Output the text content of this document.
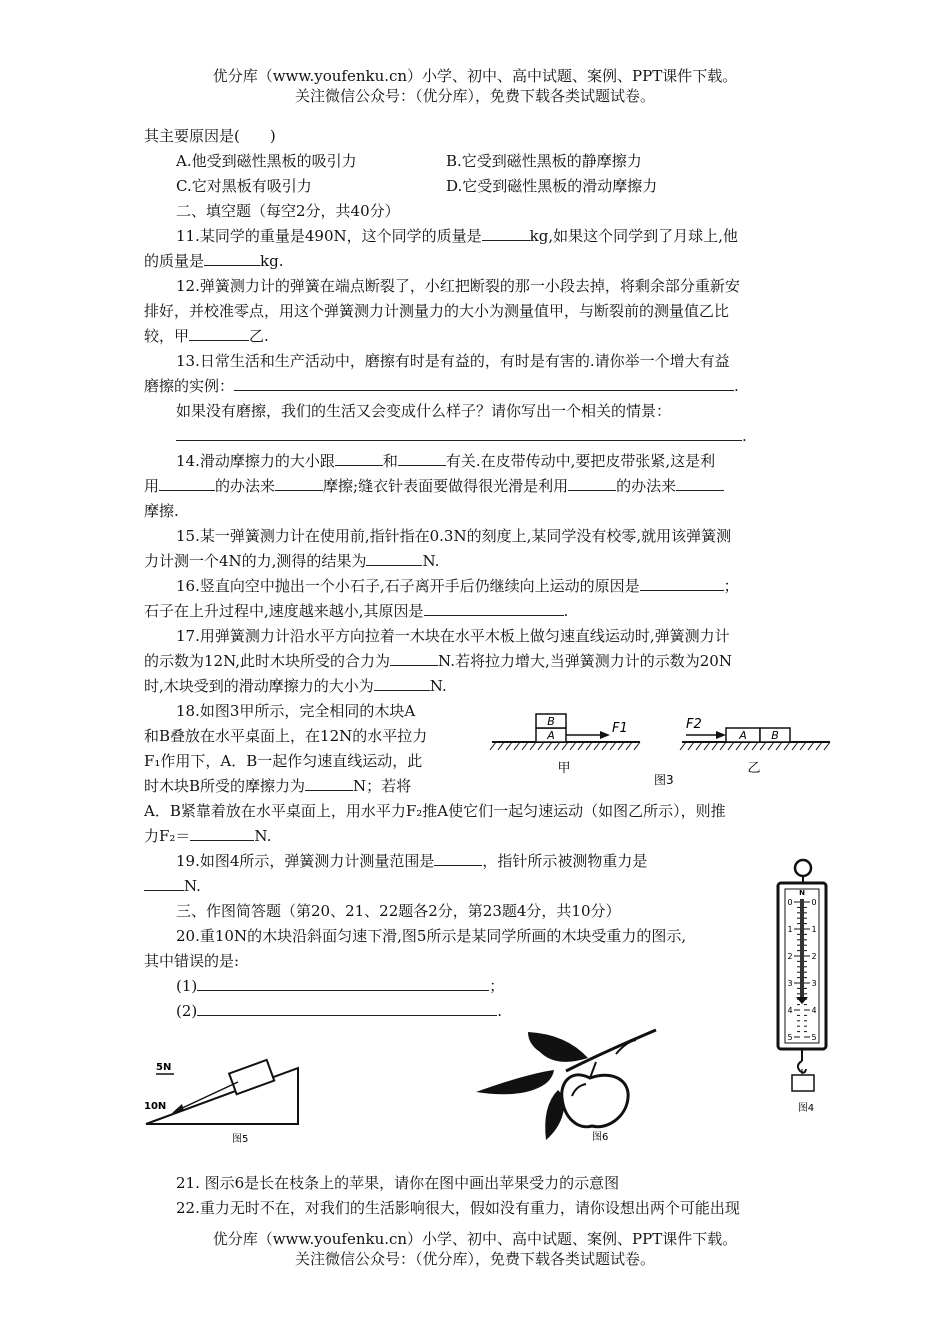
优分库（www.youfenku.cn）小学、初中、高中试题、案例、PPT课件下载。
关注微信公众号：（优分库），免费下载各类试题试卷。
其主要原因是(　　)
A.他受到磁性黑板的吸引力	B.它受到磁性黑板的静摩擦力
C.它对黑板有吸引力	D.它受到磁性黑板的滑动摩擦力
二、填空题（每空2分，共40分）
11.某同学的重量是490N，这个同学的质量是	kg,如果这个同学到了月球上,他
的质量是	kg.
12.弹簧测力计的弹簧在端点断裂了，小红把断裂的那一小段去掉，将剩余部分重新安
排好，并校准零点，用这个弹簧测力计测量力的大小为测量值甲，与断裂前的测量值乙比
较，甲	乙.
13.日常生活和生产活动中，磨擦有时是有益的，有时是有害的.请你举一个增大有益
磨擦的实例：	.
如果没有磨擦，我们的生活又会变成什么样子？请你写出一个相关的情景：
.
14.滑动摩擦力的大小跟	和	有关.在皮带传动中,要把皮带张紧,这是利
用	的办法来	摩擦;缝衣针表面要做得很光滑是利用	的办法来
摩擦.
15.某一弹簧测力计在使用前,指针指在0.3N的刻度上,某同学没有校零,就用该弹簧测
力计测一个4N的力,测得的结果为	N.
16.竖直向空中抛出一个小石子,石子离开手后仍继续向上运动的原因是	；
石子在上升过程中,速度越来越小,其原因是	.
17.用弹簧测力计沿水平方向拉着一木块在水平木板上做匀速直线运动时,弹簧测力计
的示数为12N,此时木块所受的合力为	N.若将拉力增大,当弹簧测力计的示数为20N
时,木块受到的滑动摩擦力的大小为	N.
18.如图3甲所示，完全相同的木块A
和B叠放在水平桌面上，在12N的水平拉力
F₁作用下，A．B一起作匀速直线运动，此
时木块B所受的摩擦力为	N；若将
A．B紧靠着放在水平桌面上，用水平力F₂推A使它们一起匀速运动（如图乙所示），则推
力F₂＝	N.
19.如图4所示，弹簧测力计测量范围是	，指针所示被测物重力是
N.
三、作图简答题（第20、21、22题各2分，第23题4分，共10分）
20.重10N的木块沿斜面匀速下滑,图5所示是某同学所画的木块受重力的图示,
其中错误的是:
(1)	；
(2)	.
21. 图示6是长在枝条上的苹果，请你在图中画出苹果受力的示意图
22.重力无时不在，对我们的生活影响很大，假如没有重力，请你设想出两个可能出现
优分库（www.youfenku.cn）小学、初中、高中试题、案例、PPT课件下载。
关注微信公众号：（优分库），免费下载各类试题试卷。
A
B	F1
甲
图3
A B
F2
乙
N
0
1
2
3
4
5
0
1
2
3
4
5
图4
5N
10N
图5	图6
